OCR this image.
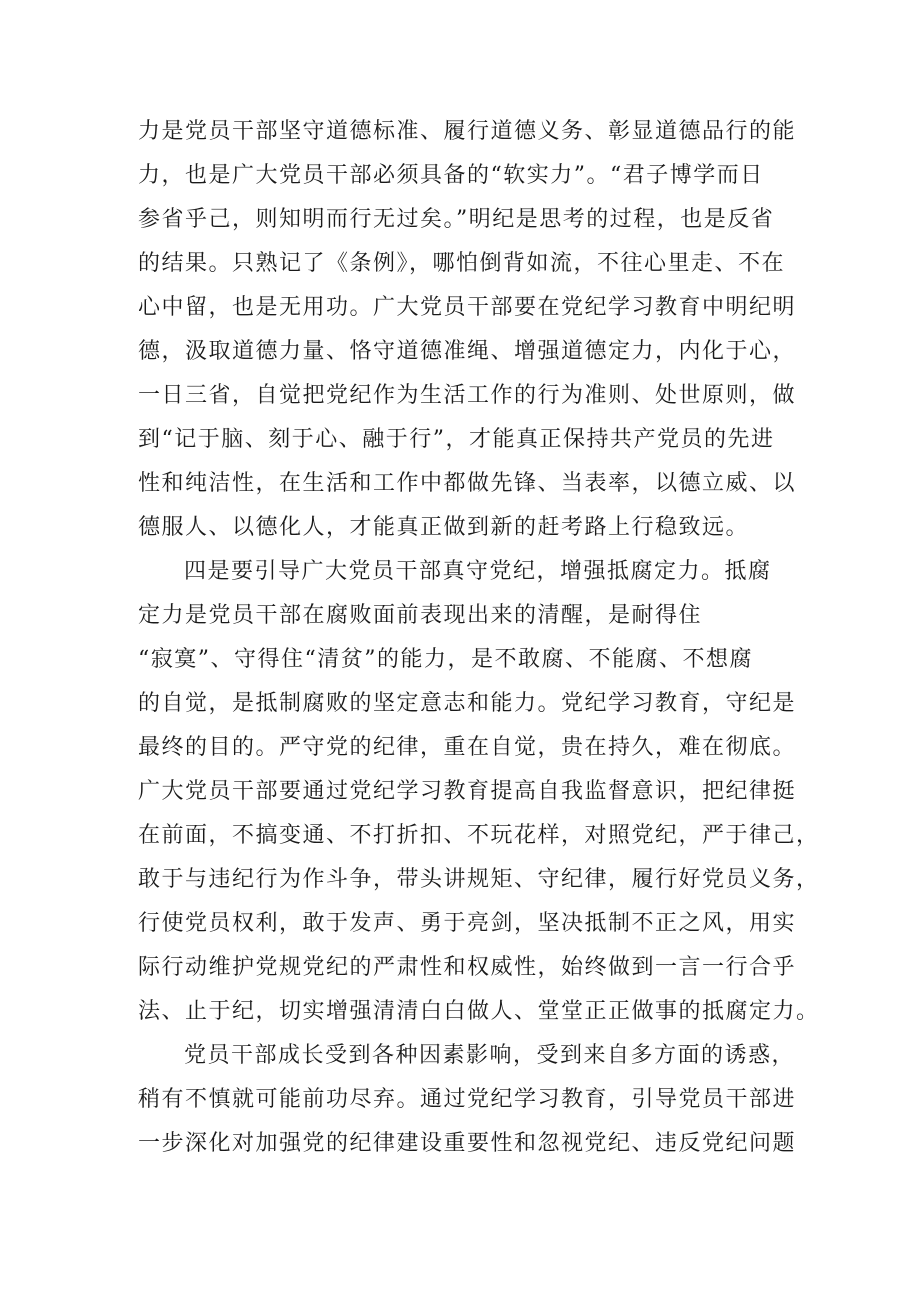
力是党员干部坚守道德标准、履行道德义务、彰显道德品行的能
力，也是广大党员干部必须具备的“软实力”。“君子博学而日
参省乎己，则知明而行无过矣。”明纪是思考的过程，也是反省
的结果。只熟记了《条例》，哪怕倒背如流，不往心里走、不在
心中留，也是无用功。广大党员干部要在党纪学习教育中明纪明
德，汲取道德力量、恪守道德准绳、增强道德定力，内化于心，
一日三省，自觉把党纪作为生活工作的行为准则、处世原则，做
到“记于脑、刻于心、融于行”，才能真正保持共产党员的先进
性和纯洁性，在生活和工作中都做先锋、当表率，以德立威、以
德服人、以德化人，才能真正做到新的赶考路上行稳致远。
四是要引导广大党员干部真守党纪，增强抵腐定力。抵腐
定力是党员干部在腐败面前表现出来的清醒，是耐得住
“寂寞”、守得住“清贫”的能力，是不敢腐、不能腐、不想腐
的自觉，是抵制腐败的坚定意志和能力。党纪学习教育，守纪是
最终的目的。严守党的纪律，重在自觉，贵在持久，难在彻底。
广大党员干部要通过党纪学习教育提高自我监督意识，把纪律挺
在前面，不搞变通、不打折扣、不玩花样，对照党纪，严于律己，
敢于与违纪行为作斗争，带头讲规矩、守纪律，履行好党员义务，
行使党员权利，敢于发声、勇于亮剑，坚决抵制不正之风，用实
际行动维护党规党纪的严肃性和权威性，始终做到一言一行合乎
法、止于纪，切实增强清清白白做人、堂堂正正做事的抵腐定力。
党员干部成长受到各种因素影响，受到来自多方面的诱惑，
稍有不慎就可能前功尽弃。通过党纪学习教育，引导党员干部进
一步深化对加强党的纪律建设重要性和忽视党纪、违反党纪问题
